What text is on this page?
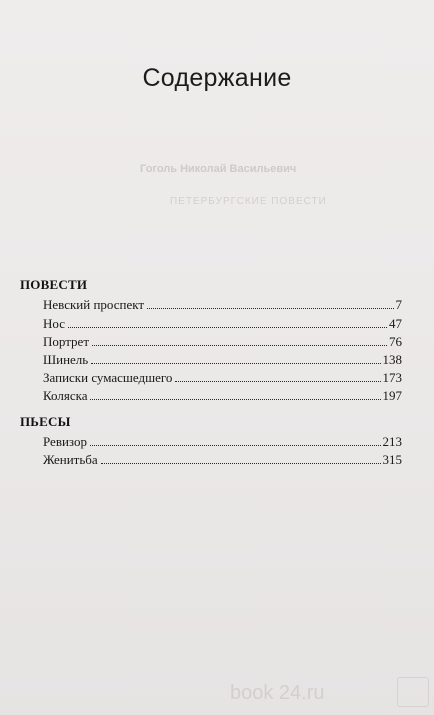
Гоголь Николай Васильевич
ПЕТЕРБУРГСКИЕ ПОВЕСТИ
book 24.ru
Содержание
ПОВЕСТИ
Невский проспект	7
Нос	47
Портрет	76
Шинель	138
Записки сумасшедшего	173
Коляска	197
ПЬЕСЫ
Ревизор	213
Женитьба	315
